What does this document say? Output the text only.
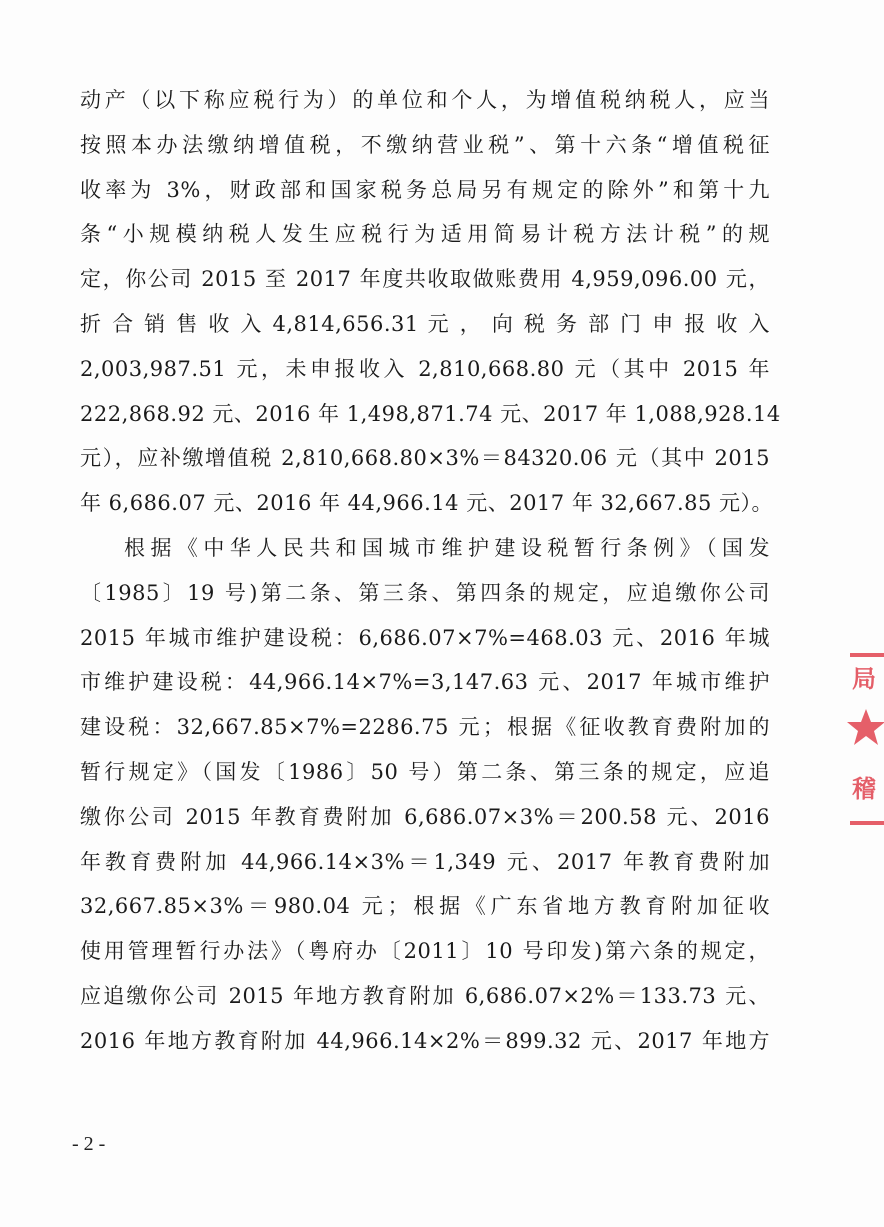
动产（以下称应税行为）的单位和个人，为增值税纳税人，应当
按照本办法缴纳增值税，不缴纳营业税”、第十六条“增值税征
收率为 3%，财政部和国家税务总局另有规定的除外”和第十九
条“小规模纳税人发生应税行为适用简易计税方法计税”的规
定，你公司 2015 至 2017 年度共收取做账费用 4,959,096.00 元，
折 合 销 售 收 入 4,814,656.31 元 ， 向 税 务 部 门 申 报 收 入
2,003,987.51 元，未申报收入 2,810,668.80 元（其中 2015 年
222,868.92 元、2016 年 1,498,871.74 元、2017 年 1,088,928.14
元），应补缴增值税 2,810,668.80×3%＝84320.06 元（其中 2015
年 6,686.07 元、2016 年 44,966.14 元、2017 年 32,667.85 元）。
根据《中华人民共和国城市维护建设税暂行条例》（国发
〔1985〕19 号)第二条、第三条、第四条的规定，应追缴你公司
2015 年城市维护建设税：6,686.07×7%=468.03 元、2016 年城
市维护建设税：44,966.14×7%=3,147.63 元、2017 年城市维护
建设税：32,667.85×7%=2286.75 元；根据《征收教育费附加的
暂行规定》（国发〔1986〕50 号）第二条、第三条的规定，应追
缴你公司 2015 年教育费附加 6,686.07×3%＝200.58 元、2016
年教育费附加 44,966.14×3%＝1,349 元、2017 年教育费附加
32,667.85×3%＝980.04 元；根据《广东省地方教育附加征收
使用管理暂行办法》（粤府办〔2011〕10 号印发)第六条的规定，
应追缴你公司 2015 年地方教育附加 6,686.07×2%＝133.73 元、
2016 年地方教育附加 44,966.14×2%＝899.32 元、2017 年地方
局
稽
- 2 -
